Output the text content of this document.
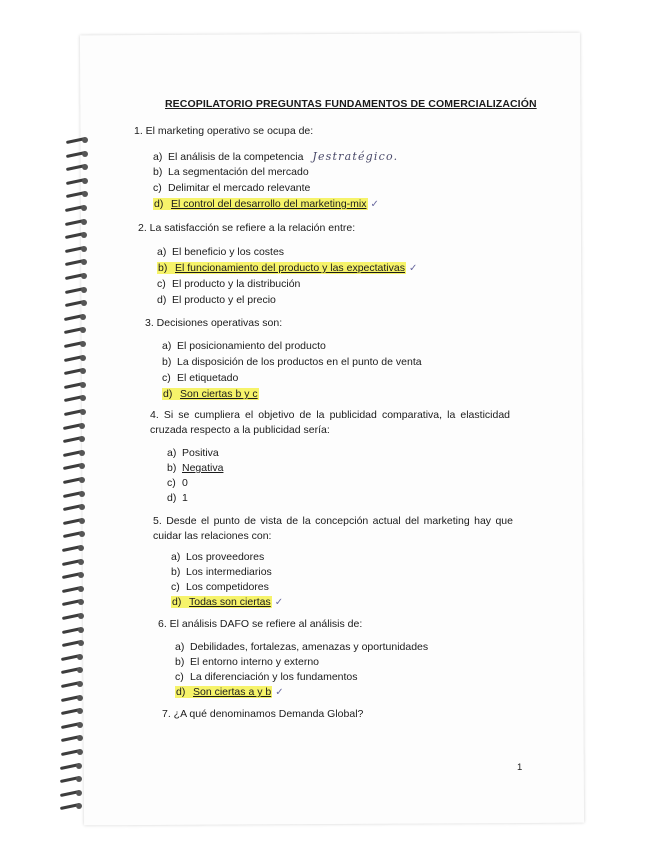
RECOPILATORIO PREGUNTAS FUNDAMENTOS DE COMERCIALIZACIÓN
1. El marketing operativo se ocupa de:
a) El análisis de la competencia Jestratégico.
b) La segmentación del mercado
c) Delimitar el mercado relevante
d) El control del desarrollo del marketing-mix ✓
2. La satisfacción se refiere a la relación entre:
a) El beneficio y los costes
b) El funcionamiento del producto y las expectativas ✓
c) El producto y la distribución
d) El producto y el precio
3. Decisiones operativas son:
a) El posicionamiento del producto
b) La disposición de los productos en el punto de venta
c) El etiquetado
d) Son ciertas b y c
4. Si se cumpliera el objetivo de la publicidad comparativa, la elasticidad cruzada respecto a la publicidad sería:
a) Positiva
b) Negativa
c) 0
d) 1
5. Desde el punto de vista de la concepción actual del marketing hay que cuidar las relaciones con:
a) Los proveedores
b) Los intermediarios
c) Los competidores
d) Todas son ciertas ✓
6. El análisis DAFO se refiere al análisis de:
a) Debilidades, fortalezas, amenazas y oportunidades
b) El entorno interno y externo
c) La diferenciación y los fundamentos
d) Son ciertas a y b ✓
7. ¿A qué denominamos Demanda Global?
1
